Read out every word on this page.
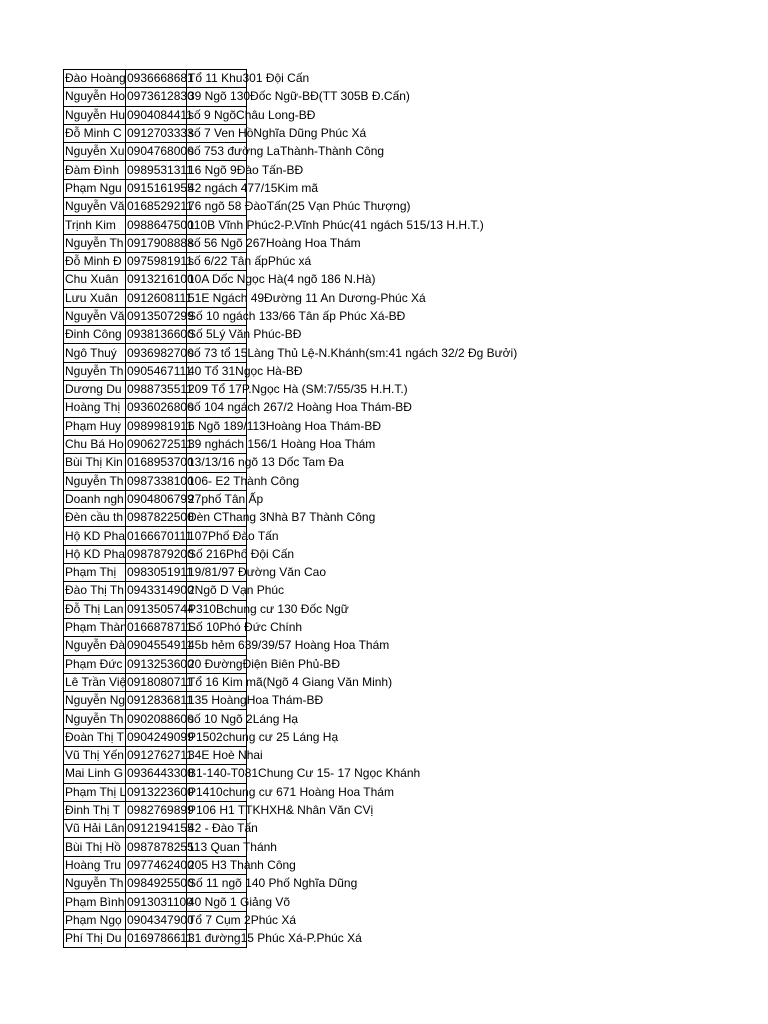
Đào Hoàng	0936668681	Tổ 11 Khu301 Đội Cấn

Nguyễn Ho	0973612830	39 Ngõ 130Đốc Ngữ-BĐ(TT 305B Đ.Cấn)

Nguyễn Hu	0904084411	số 9 NgõChâu Long-BĐ

Đỗ Minh C	0912703333	số 7 Ven HồNghĩa Dũng Phúc Xá

Nguyễn Xu	0904768000	số 753 đường LaThành-Thành Công

Đàm Đình	0989531311	16 Ngõ 9Đào Tấn-BĐ

Phạm Ngu	0915161955	42 ngách 477/15Kim mã

Nguyễn Vă	0168529211	76 ngõ 58 ĐàoTấn(25 Vạn Phúc Thượng)

Trịnh Kim	0988647500	110B Vĩnh Phúc2-P.Vĩnh Phúc(41 ngách 515/13 H.H.T.)

Nguyễn Th	0917908888	số 56 Ngõ 267Hoàng Hoa Thám

Đỗ Minh Đ	0975981911	số 6/22 Tân ấpPhúc xá

Chu Xuân	0913216100	10A Dốc Ngọc Hà(4 ngõ 186 N.Hà)

Lưu Xuân	0912608111	51E Ngách 49Đường 11 An Dương-Phúc Xá

Nguyễn Vă	0913507299	Số 10 ngách 133/66 Tân ấp Phúc Xá-BĐ

Đinh Công	0938136600	Số 5Lý Văn Phúc-BĐ

Ngô Thuý	0936982700	số 73 tổ 15Làng Thủ Lệ-N.Khánh(sm:41 ngách 32/2 Đg Bưởi)

Nguyễn Th	0905467111	40 Tổ 31Ngọc Hà-BĐ

Dương Du	0988735511	209 Tổ 17P.Ngọc Hà (SM:7/55/35 H.H.T.)

Hoàng Thị	0936026800	số 104 ngách 267/2 Hoàng Hoa Thám-BĐ

Phạm Huy	0989981911	6 Ngõ 189/113Hoàng Hoa Thám-BĐ

Chu Bá Ho	0906272511	39 nghách 156/1 Hoàng Hoa Thám

Bùi Thị Kin	0168953700	13/13/16 ngõ 13 Dốc Tam Đa

Nguyễn Th	0987338100	106- E2 Thành Công

Doanh ngh	0904806799	27phố Tân Ấp

Đèn cầu th	0987822500	Đèn CThang 3Nhà B7 Thành Công

Hộ KD Pha	0166670111	107Phố Đào Tấn

Hộ KD Pha	0987879200	Số 216Phố Đội Cấn

Phạm Thị	0983051911	19/81/97 Đường Văn Cao

Đào Thị Th	0943314900	2Ngõ D Vạn Phúc

Đỗ Thị Lan	0913505744	P310Bchung cư 130 Đốc Ngữ

Phạm Thàn	0166878711	Số 10Phó Đức Chính

Nguyễn Đà	0904554911	45b hẻm 639/39/57 Hoàng Hoa Thám

Phạm Đức	0913253600	20 ĐườngĐiện Biên Phủ-BĐ

Lê Trần Việ	0918080711	Tổ 16 Kim mã(Ngõ 4 Giang Văn Minh)

Nguyễn Ng	0912836811	135 HoàngHoa Thám-BĐ

Nguyễn Th	0902088600	số 10 Ngõ 2Láng Hạ

Đoàn Thị T	0904249099	P1502chung cư 25 Láng Hạ

Vũ Thị Yến	0912762711	34E Hoè Nhai

Mai Linh G	0936443300	B1-140-T081Chung Cư 15- 17 Ngọc Khánh

Phạm Thị L	0913223600	P1410chung cư 671 Hoàng Hoa Thám

Đinh Thị T	0982769899	P106 H1 TTKHXH& Nhân Văn CVị

Vũ Hải Lân	0912194155	42 - Đào Tấn

Bùi Thị Hồ	0987878255	113 Quan Thánh

Hoàng Tru	0977462400	205 H3 Thành Công

Nguyễn Th	0984925500	Số 11 ngõ 140 Phố Nghĩa Dũng

Phạm Bình	0913031100	40 Ngõ 1 Giảng Võ

Phạm Ngọ	0904347900	Tổ 7 Cụm 2Phúc Xá

Phí Thị Du	0169786611	31 đường15 Phúc Xá-P.Phúc Xá
